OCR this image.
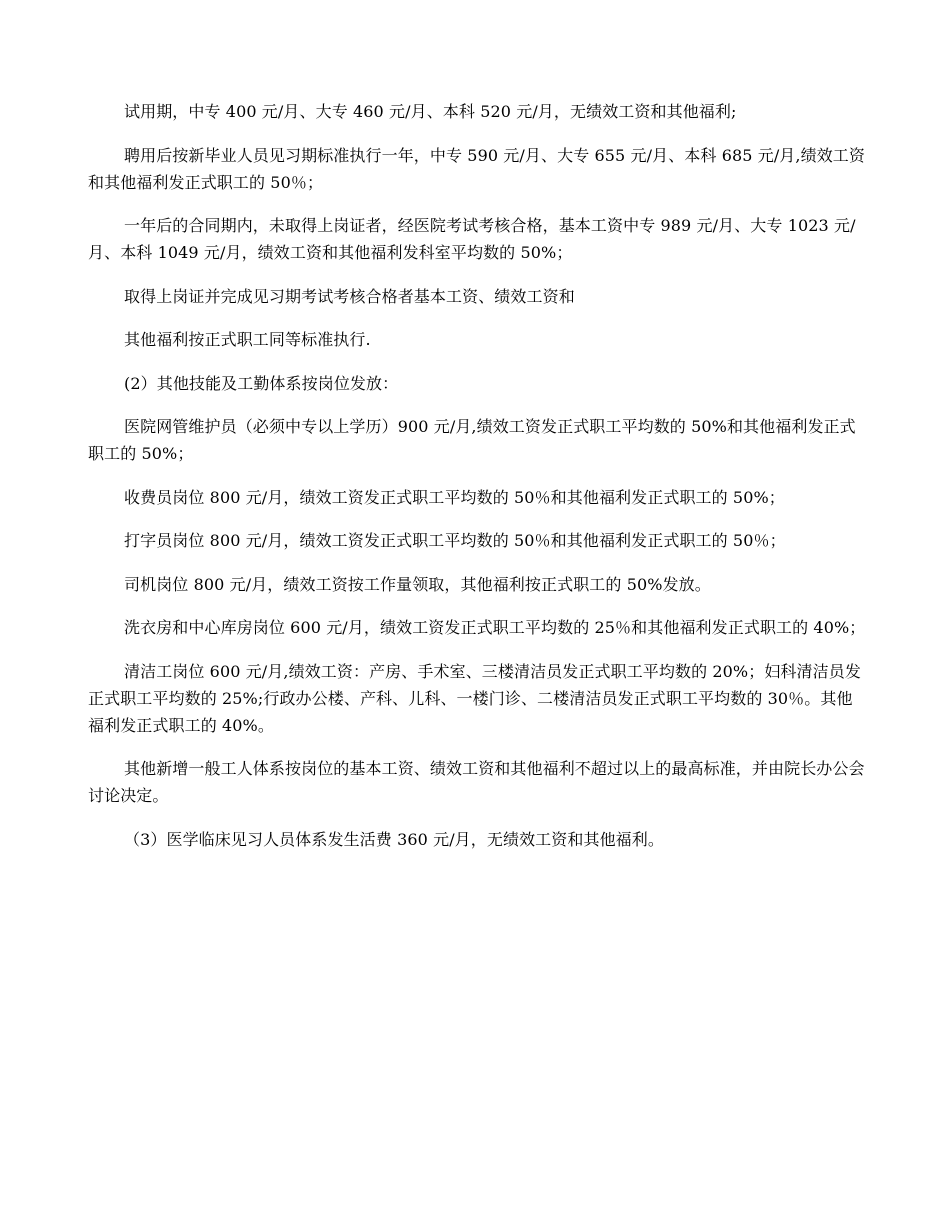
试用期，中专 400 元/月、大专 460 元/月、本科 520 元/月，无绩效工资和其他福利;

聘用后按新毕业人员见习期标准执行一年，中专 590 元/月、大专 655 元/月、本科 685 元/月,绩效工资和其他福利发正式职工的 50％；

一年后的合同期内，未取得上岗证者，经医院考试考核合格，基本工资中专 989 元/月、大专 1023 元/月、本科 1049 元/月，绩效工资和其他福利发科室平均数的 50%；

取得上岗证并完成见习期考试考核合格者基本工资、绩效工资和

其他福利按正式职工同等标准执行.

(2）其他技能及工勤体系按岗位发放：

医院网管维护员（必须中专以上学历）900 元/月,绩效工资发正式职工平均数的 50%和其他福利发正式职工的 50%；

收费员岗位 800 元/月，绩效工资发正式职工平均数的 50％和其他福利发正式职工的 50%；

打字员岗位 800 元/月，绩效工资发正式职工平均数的 50％和其他福利发正式职工的 50％；

司机岗位 800 元/月，绩效工资按工作量领取，其他福利按正式职工的 50%发放。

洗衣房和中心库房岗位 600 元/月，绩效工资发正式职工平均数的 25％和其他福利发正式职工的 40%；

清洁工岗位 600 元/月,绩效工资：产房、手术室、三楼清洁员发正式职工平均数的 20%；妇科清洁员发正式职工平均数的 25%;行政办公楼、产科、儿科、一楼门诊、二楼清洁员发正式职工平均数的 30％。其他福利发正式职工的 40%。

其他新增一般工人体系按岗位的基本工资、绩效工资和其他福利不超过以上的最高标准，并由院长办公会讨论决定。

（3）医学临床见习人员体系发生活费 360 元/月，无绩效工资和其他福利。
